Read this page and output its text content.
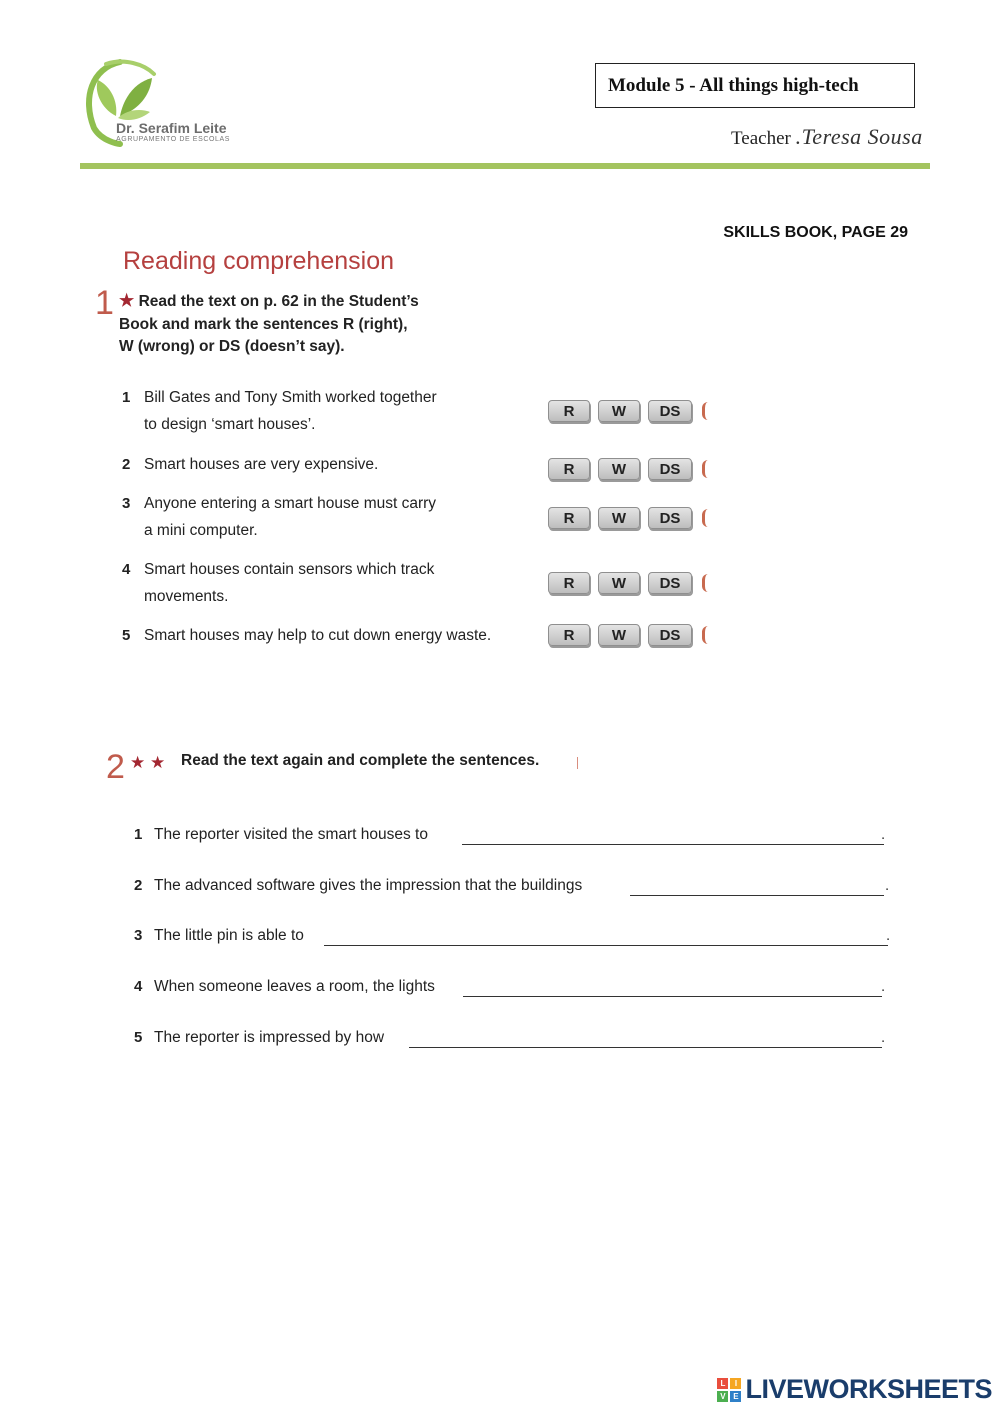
Dr. Serafim Leite
AGRUPAMENTO DE ESCOLAS
Module 5 - All things high-tech
Teacher .Teresa Sousa
SKILLS BOOK, PAGE 29
Reading comprehension
1 ★ Read the text on p. 62 in the Student’s
Book and mark the sentences R (right),
W (wrong) or DS (doesn’t say).
1 Bill Gates and Tony Smith worked together
to design ‘smart houses’.
R	W	DS
2 Smart houses are very expensive.	R	W	DS
3 Anyone entering a smart house must carry
a mini computer.
R	W	DS
4 Smart houses contain sensors which track
movements.
R	W	DS
5 Smart houses may help to cut down energy waste.	R	W	DS
2 ★ ★ Read the text again and complete the sentences.
1 The reporter visited the smart houses to	.
2 The advanced software gives the impression that the buildings	.
3 The little pin is able to	.
4 When someone leaves a room, the lights	.
5 The reporter is impressed by how	.
L	I
V E LIVEWORKSHEETS
